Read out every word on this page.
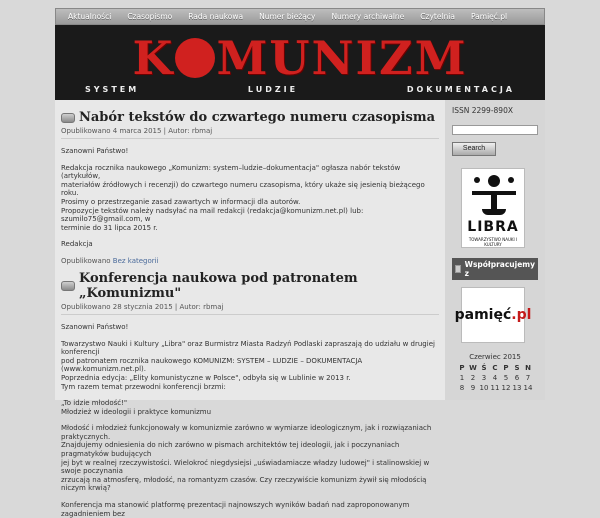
Aktualności	Czasopismo	Rada naukowa	Numer bieżący	Numery archiwalne	Czytelnia	Pamięć.pl
K MUNIZM
SYSTEM	LUDZIE	DOKUMENTACJA
Nabór tekstów do czwartego numeru czasopisma
Opublikowano 4 marca 2015 | Autor: rbmaj
Szanowni Państwo!
Redakcja rocznika naukowego „Komunizm: system–ludzie–dokumentacja" ogłasza nabór tekstów (artykułów,
materiałów źródłowych i recenzji) do czwartego numeru czasopisma, który ukaże się jesienią bieżącego roku.
Prosimy o przestrzeganie zasad zawartych w informacji dla autorów.
Propozycje tekstów należy nadsyłać na mail redakcji (redakcja@komunizm.net.pl) lub: szumilo75@gmail.com, w
terminie do 31 lipca 2015 r.
Redakcja
Opublikowano Bez kategorii
Konferencja naukowa pod patronatem „Komunizmu"
Opublikowano 28 stycznia 2015 | Autor: rbmaj
Szanowni Państwo!
Towarzystwo Nauki i Kultury „Libra" oraz Burmistrz Miasta Radzyń Podlaski zapraszają do udziału w drugiej konferencji
pod patronatem rocznika naukowego KOMUNIZM: SYSTEM – LUDZIE – DOKUMENTACJA (www.komunizm.net.pl).
Poprzednia edycja: „Elity komunistyczne w Polsce", odbyła się w Lublinie w 2013 r.
Tym razem temat przewodni konferencji brzmi:
„To idzie młodość!"
Młodzież w ideologii i praktyce komunizmu
Młodość i młodzież funkcjonowały w komunizmie zarówno w wymiarze ideologicznym, jak i rozwiązaniach praktycznych.
Znajdujemy odniesienia do nich zarówno w pismach architektów tej ideologii, jak i poczynaniach pragmatyków budujących
jej byt w realnej rzeczywistości. Wielokroć niegdysiejsi „uświadamiacze władzy ludowej" i stalinowskiej w swoje poczynania
zrzucają na atmosferę, młodość, na romantyzm czasów. Czy rzeczywiście komunizm żywił się młodością niczym krwią?
Konferencja ma stanowić platformę prezentacji najnowszych wyników badań nad zaproponowanym zagadnieniem bez
ISSN 2299-890X
Search
LIBRA
TOWARZYSTWO NAUKI I KULTURY
Współpracujemy z
pamięć.pl
Czerwiec 2015
P W Ś C P S N
1 2 3 4 5 6 7
8 9 10 11 12 13 14
